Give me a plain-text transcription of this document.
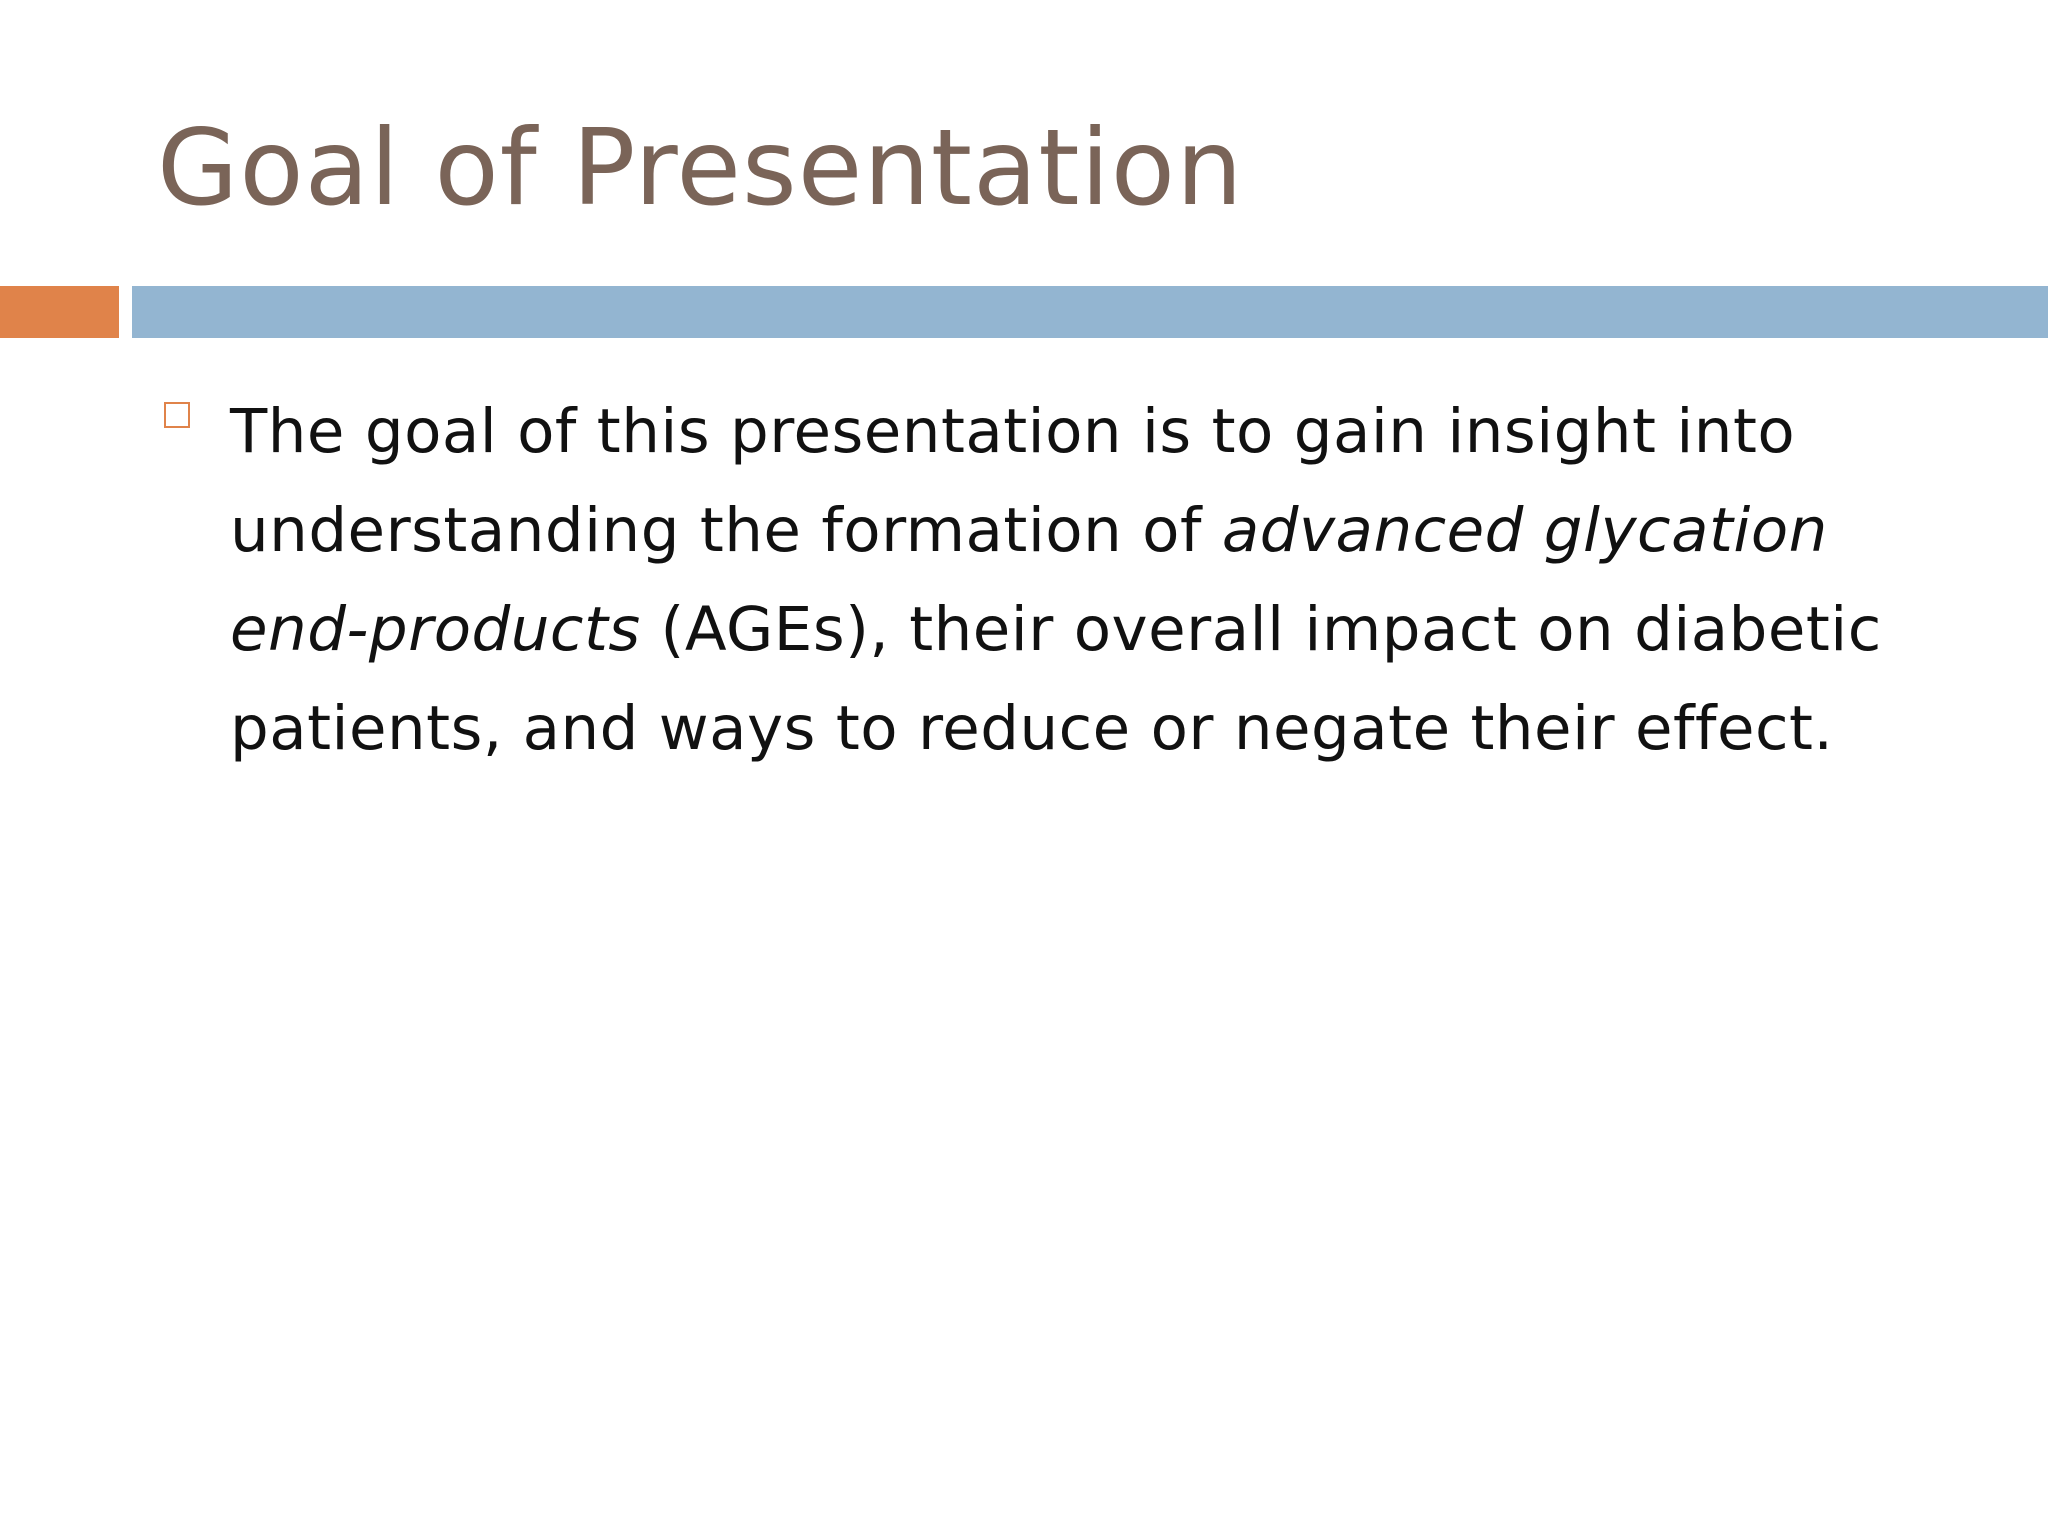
Goal of Presentation

The goal of this presentation is to gain insight into understanding the formation of advanced glycation end-products (AGEs), their overall impact on diabetic patients, and ways to reduce or negate their effect.
